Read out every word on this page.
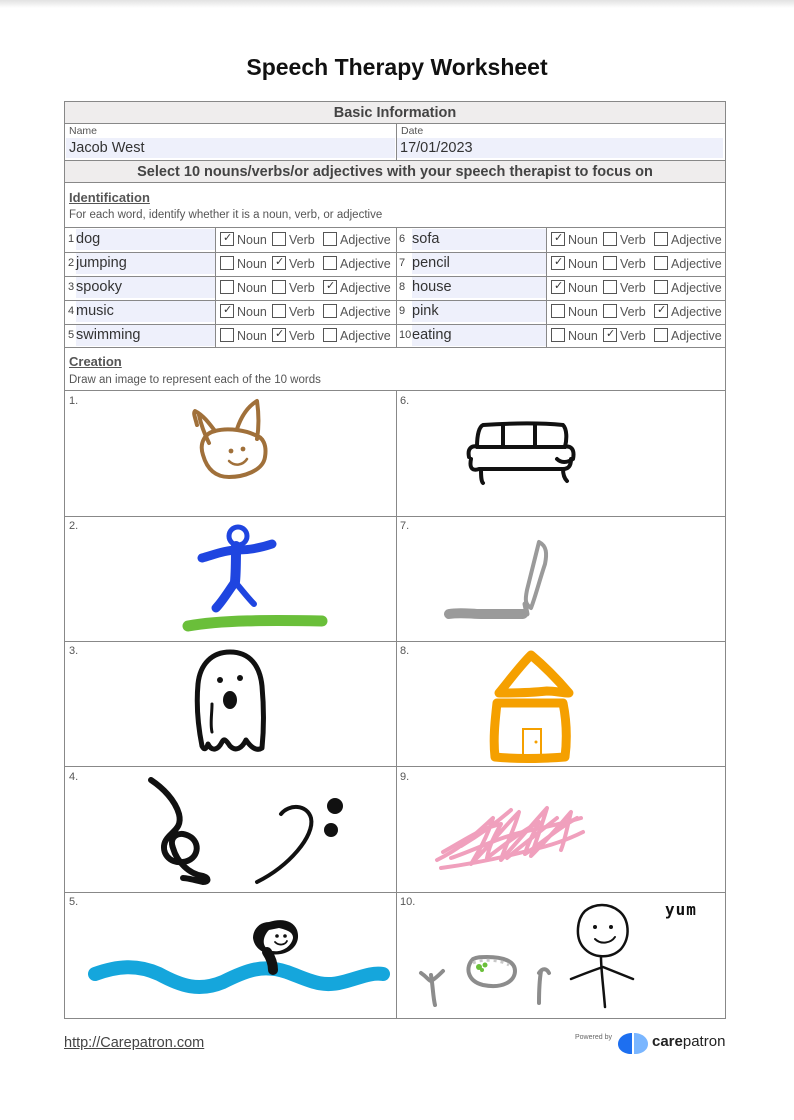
Speech Therapy Worksheet
Basic Information
Name
Jacob West
Date
17/01/2023
Select 10 nouns/verbs/or adjectives with your speech therapist to focus on
Identification
For each word, identify whether it is a noun, verb, or adjective
Creation
Draw an image to represent each of the 10 words
1.
2.
3.
4.
5.
6.
7.
8.
9.
10.	yum
1 dog	✓ Noun Verb Adjective
2 jumping	Noun ✓ Verb Adjective
3 spooky	Noun Verb ✓ Adjective
4 music	✓ Noun Verb Adjective
5 swimming	Noun ✓ Verb Adjective
6 sofa	✓ Noun Verb Adjective
7 pencil	✓ Noun Verb Adjective
8 house	✓ Noun Verb Adjective
9 pink	Noun Verb ✓ Adjective
10 eating	Noun ✓ Verb Adjective
http://Carepatron.com	Powered by	carepatron
